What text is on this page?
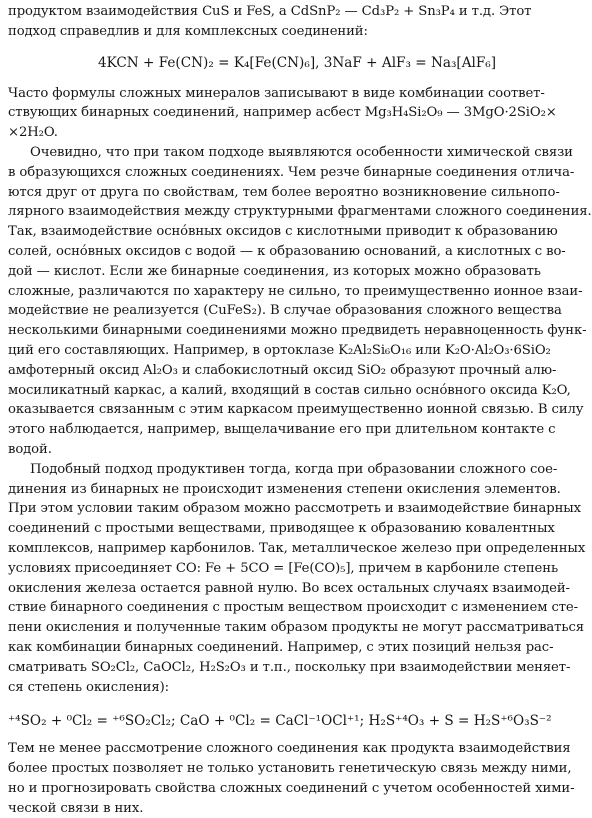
продуктом взаимодействия CuS и FeS, а CdSnP₂ — Cd₃P₂ + Sn₃P₄ и т.д. Этот
подход справедлив и для комплексных соединений:
4KCN + Fe(CN)₂ = K₄[Fe(CN)₆], 3NaF + AlF₃ = Na₃[AlF₆]
Часто формулы сложных минералов записывают в виде комбинации соответ-
ствующих бинарных соединений, например асбест Mg₃H₄Si₂O₉ — 3MgO·2SiO₂×
×2H₂O.
Очевидно, что при таком подходе выявляются особенности химической связи
в образующихся сложных соединениях. Чем резче бинарные соединения отлича-
ются друг от друга по свойствам, тем более вероятно возникновение сильнопо-
лярного взаимодействия между структурными фрагментами сложного соединения.
Так, взаимодействие оснóвных оксидов с кислотными приводит к образованию
солей, оснóвных оксидов с водой — к образованию оснований, а кислотных с во-
дой — кислот. Если же бинарные соединения, из которых можно образовать
сложные, различаются по характеру не сильно, то преимущественно ионное взаи-
модействие не реализуется (CuFeS₂). В случае образования сложного вещества
несколькими бинарными соединениями можно предвидеть неравноценность функ-
ций его составляющих. Например, в ортоклазе K₂Al₂Si₆O₁₆ или K₂O·Al₂O₃·6SiO₂
амфотерный оксид Al₂O₃ и слабокислотный оксид SiO₂ образуют прочный алю-
мосиликатный каркас, а калий, входящий в состав сильно оснóвного оксида K₂O,
оказывается связанным с этим каркасом преимущественно ионной связью. В силу
этого наблюдается, например, выщелачивание его при длительном контакте с
водой.
Подобный подход продуктивен тогда, когда при образовании сложного сое-
динения из бинарных не происходит изменения степени окисления элементов.
При этом условии таким образом можно рассмотреть и взаимодействие бинарных
соединений с простыми веществами, приводящее к образованию ковалентных
комплексов, например карбонилов. Так, металлическое железо при определенных
условиях присоединяет CO: Fe + 5CO = [Fe(CO)₅], причем в карбониле степень
окисления железа остается равной нулю. Во всех остальных случаях взаимодей-
ствие бинарного соединения с простым веществом происходит с изменением сте-
пени окисления и полученные таким образом продукты не могут рассматриваться
как комбинации бинарных соединений. Например, с этих позиций нельзя рас-
сматривать SO₂Cl₂, CaOCl₂, H₂S₂O₃ и т.п., поскольку при взаимодействии меняет-
ся степень окисления):
⁺⁴SO₂ + ⁰Cl₂ = ⁺⁶SO₂Cl₂; CaO + ⁰Cl₂ = CaCl⁻¹OCl⁺¹; H₂S⁺⁴O₃ + S = H₂S⁺⁶O₃S⁻²
Тем не менее рассмотрение сложного соединения как продукта взаимодействия
более простых позволяет не только установить генетическую связь между ними,
но и прогнозировать свойства сложных соединений с учетом особенностей хими-
ческой связи в них.
